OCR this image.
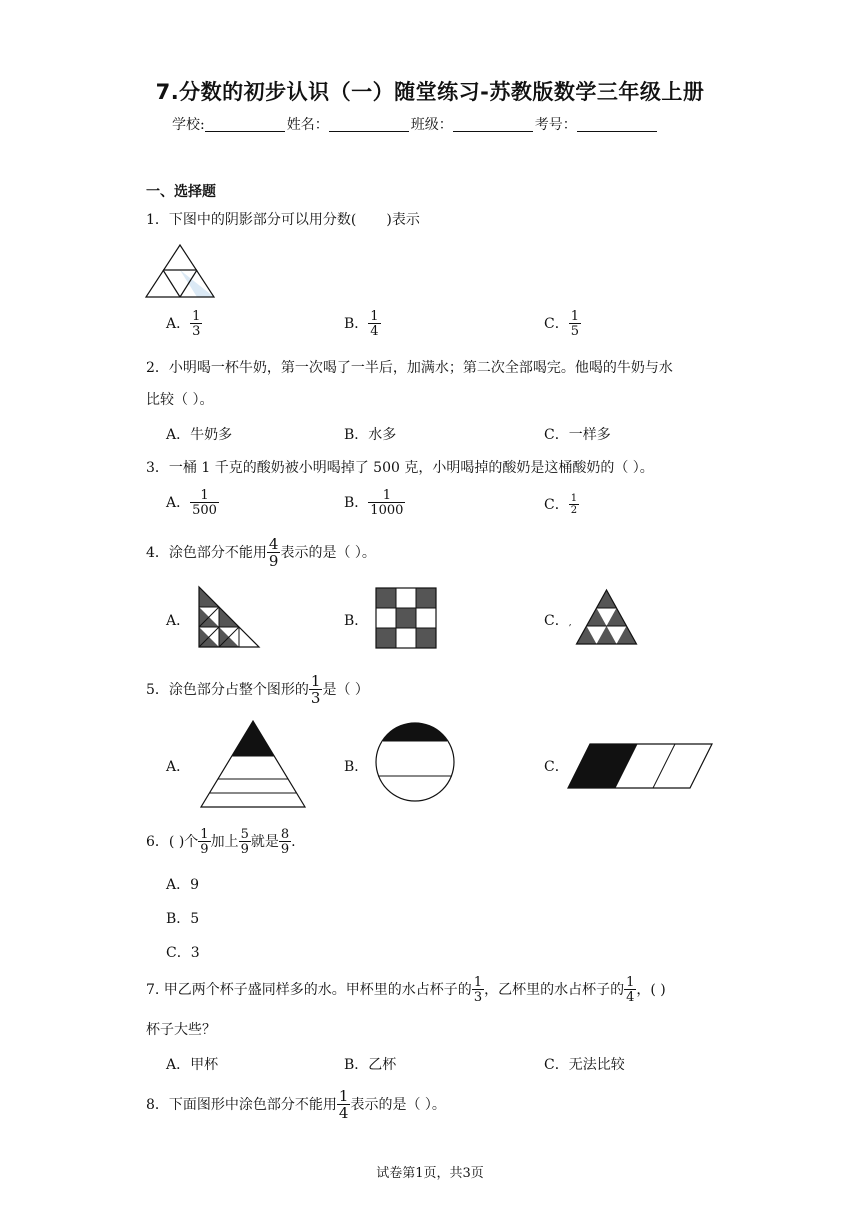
7.分数的初步认识（一）随堂练习-苏教版数学三年级上册
学校:	姓名：	班级：	考号：
一、选择题
1．下图中的阴影部分可以用分数( )表示
A． $\frac{1}{3}$	B． $\frac{1}{4}$	C． $\frac{1}{5}$
2．小明喝一杯牛奶，第一次喝了一半后，加满水；第二次全部喝完。他喝的牛奶与水
比较（ ）。
A．牛奶多	B．水多	C．一样多
3．一桶 1 千克的酸奶被小明喝掉了 500 克，小明喝掉的酸奶是这桶酸奶的（ ）。
A． $\frac{1}{500}$	B． $\frac{1}{1000}$	C． $\frac{1}{2}$
4．涂色部分不能用 $\frac{4}{9}$ 表示的是（ ）。
A．	B．	C．,
5．涂色部分占整个图形的 $\frac{1}{3}$ 是（ ）
A．	B．	C．
6．( )个 $\frac{1}{9}$ 加上 $\frac{5}{9}$ 就是 $\frac{8}{9}$ .
A．9
B．5
C．3
7. 甲乙两个杯子盛同样多的水。甲杯里的水占杯子的 $\frac{1}{3}$ ，乙杯里的水占杯子的 $\frac{1}{4}$ ，( )
杯子大些？
A．甲杯	B．乙杯	C．无法比较
8．下面图形中涂色部分不能用 $\frac{1}{4}$ 表示的是（ ）。
试卷第1页，共3页
